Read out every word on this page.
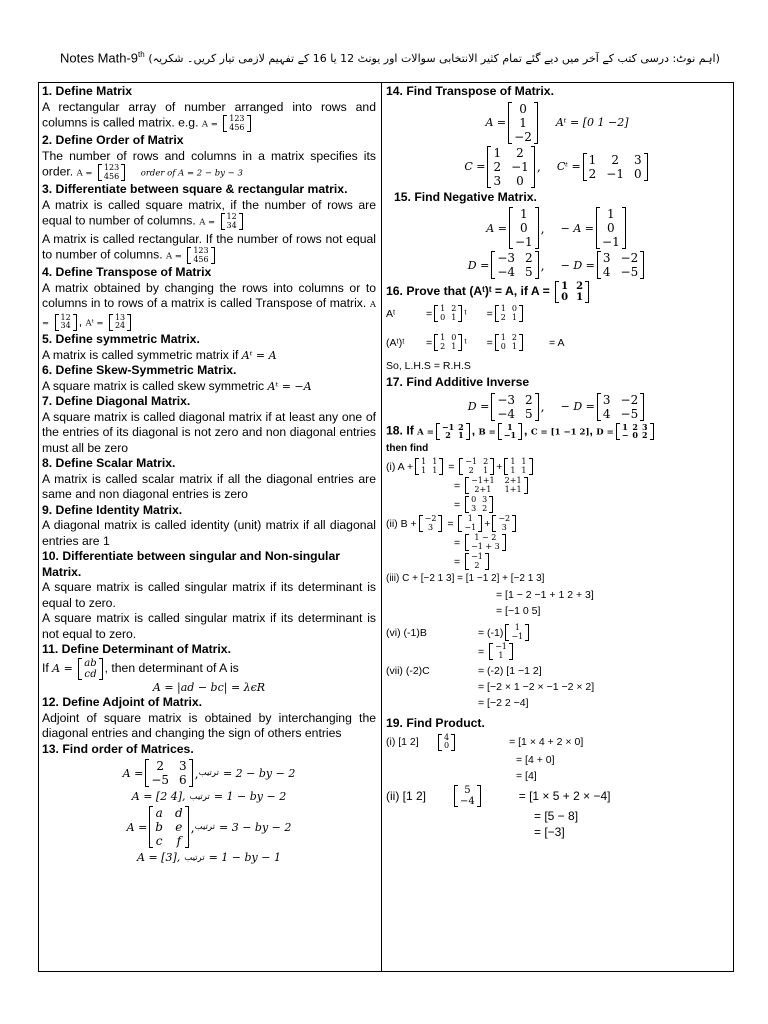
Notes Math-9th (اہم نوٹ: درسی کتب کے آخر میں دیے گئے تمام کثیر الانتخابی سوالات اور یونٹ 12 یا 16 کے تفہیم لازمی تیار کریں۔ شکریہ)

1. Define Matrix

A rectangular array of number arranged into rows and columns is called matrix. e.g. A =
1 2 3
4 5 6

2. Define Order of Matrix

The number of rows and columns in a matrix specifies its order. A =
1 2 3
4 5 6	order of A = 2 − by − 3

3. Differentiate between square & rectangular matrix.

A matrix is called square matrix, if the number of rows are equal to number of columns. A =
1 2
3 4

A matrix is called rectangular. If the number of rows not equal to number of columns. A =
1 2 3
4 5 6

4. Define Transpose of Matrix

A matrix obtained by changing the rows into columns or to columns in to rows of a matrix is called Transpose of matrix. A =
1 2
3 4 , Aᵗ =
1 3
2 4

5. Define symmetric Matrix.

A matrix is called symmetric matrix if Aᵗ = A

6. Define Skew-Symmetric Matrix.

A square matrix is called skew symmetric Aᵗ = −A

7. Define Diagonal Matrix.

A square matrix is called diagonal matrix if at least any one of the entries of its diagonal is not zero and non diagonal entries must all be zero

8. Define Scalar Matrix.

A matrix is called scalar matrix if all the diagonal entries are same and non diagonal entries is zero

9. Define Identity Matrix.

A diagonal matrix is called identity (unit) matrix if all diagonal entries are 1

10. Differentiate between singular and Non-singular Matrix.

A square matrix is called singular matrix if its determinant is equal to zero.

A square matrix is called singular matrix if its determinant is not equal to zero.

11. Define Determinant of Matrix.

If A = a b
c d , then determinant of A is

A = |ad − bc| = λϵR

12. Define Adjoint of Matrix.

Adjoint of square matrix is obtained by interchanging the diagonal entries and changing the sign of others entries

13. Find order of Matrices.

A =	2	3
−5 6 , ترتیب
= 2 − by − 2
A = [2 4],
ترتیب
= 1 − by − 2
A =
a d
b e
c f
, ترتیب
= 3 − by − 2
A = [3],
ترتیب
= 1 − by − 1

14. Find Transpose of Matrix.

A =
0
1
−2
Aᵗ = [0 1 −2]
C =
1	2
2 −1
3	0
, Cᵗ = 1	2	3
2 −1 0

15. Find Negative Matrix.

A =
1
0
−1
, − A =
1
0
−1
D = −3 2
−4 5 , − D = 3 −2
4 −5

16. Prove that (Aᵗ)ᵗ = A, if A = 1 2
0 1

Aᵗ	= 1 2
0 1 ᵗ
= 1 0
2 1
(Aᵗ)ᵗ	= 1 0
2 1 ᵗ
= 1 2
0 1	= A
So, L.H.S = R.H.S

17. Find Additive Inverse

D = −3 2
−4 5 , − D = 3 −2
4 −5

18. If A =
−1 2
2 1 , B =
1
−1 , C = [1 −1 2], D =
1 2 3
− 0 2

then find

(i) A + 1 1
1 1 = −1 2
2	1 + 1 1
1 1
= −1+1 2+1
2+1	1+1
= 0 3
3 2
(ii) B + −2
3	=	1
−1 + −2
3
=	1 − 2
−1 + 3
= −1
2
(iii) C + [−2 1 3] = [1 −1 2] + [−2 1 3]
= [1 − 2 −1 + 1 2 + 3]
= [−1 0 5]
(vi) (-1)B	= (-1)	1
−1
= −1
1
(vii) (-2)C	= (-2) [1 −1 2]
= [−2 × 1 −2 × −1 −2 × 2]
= [−2 2 −4]

19. Find Product.

(i) [1 2]	4
0	= [1 × 4 + 2 × 0]
= [4 + 0]
= [4]
(ii) [1 2]	5
−4	= [1 × 5 + 2 × −4]
= [5 − 8]
= [−3]
